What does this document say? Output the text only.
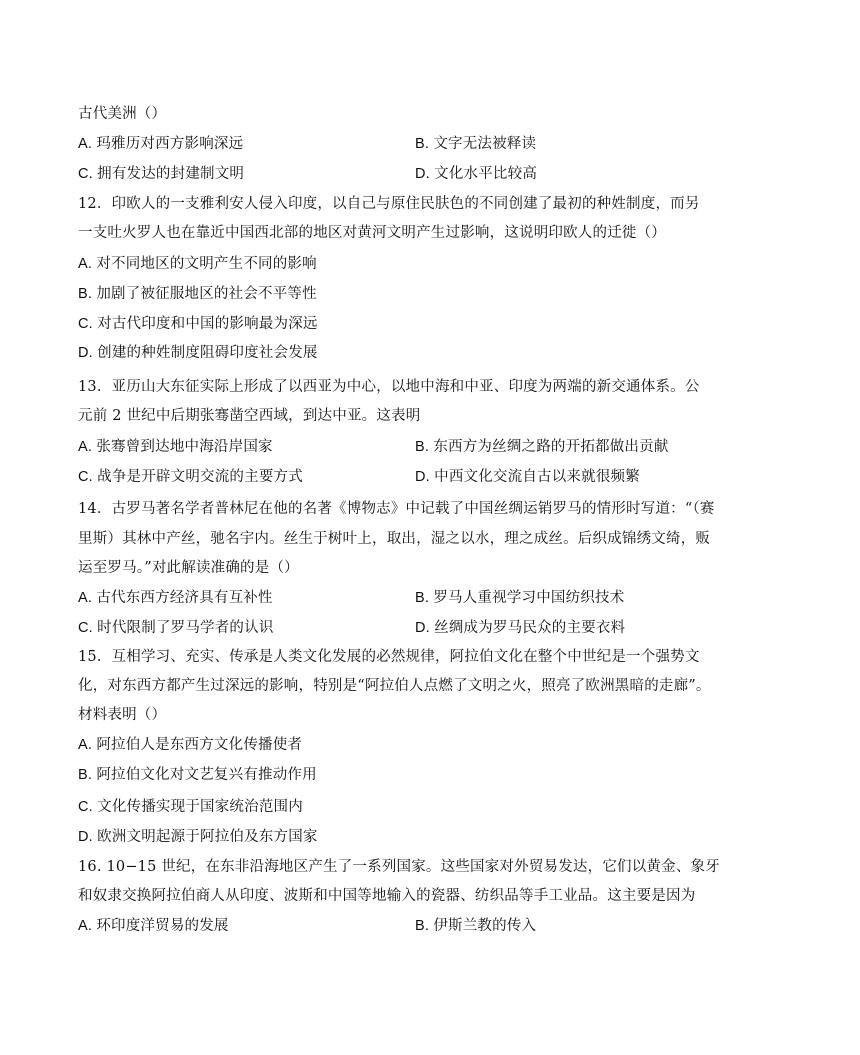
古代美洲（）
A. 玛雅历对西方影响深远	B. 文字无法被释读
C. 拥有发达的封建制文明	D. 文化水平比较高
12．印欧人的一支雅利安人侵入印度，以自己与原住民肤色的不同创建了最初的种姓制度，而另
一支吐火罗人也在靠近中国西北部的地区对黄河文明产生过影响，这说明印欧人的迁徙（）
A. 对不同地区的文明产生不同的影响
B. 加剧了被征服地区的社会不平等性
C. 对古代印度和中国的影响最为深远
D. 创建的种姓制度阻碍印度社会发展
13．亚历山大东征实际上形成了以西亚为中心，以地中海和中亚、印度为两端的新交通体系。公
元前 2 世纪中后期张骞凿空西域，到达中亚。这表明
A. 张骞曾到达地中海沿岸国家	B. 东西方为丝绸之路的开拓都做出贡献
C. 战争是开辟文明交流的主要方式	D. 中西文化交流自古以来就很频繁
14．古罗马著名学者普林尼在他的名著《博物志》中记载了中国丝绸运销罗马的情形时写道：“（赛
里斯）其林中产丝，驰名宇内。丝生于树叶上，取出，湿之以水，理之成丝。后织成锦绣文绮，贩
运至罗马。”对此解读准确的是（）
A. 古代东西方经济具有互补性	B. 罗马人重视学习中国纺织技术
C. 时代限制了罗马学者的认识	D. 丝绸成为罗马民众的主要衣料
15．互相学习、充实、传承是人类文化发展的必然规律，阿拉伯文化在整个中世纪是一个强势文
化，对东西方都产生过深远的影响，特别是“阿拉伯人点燃了文明之火，照亮了欧洲黑暗的走廊”。
材料表明（）
A. 阿拉伯人是东西方文化传播使者
B. 阿拉伯文化对文艺复兴有推动作用
C. 文化传播实现于国家统治范围内
D. 欧洲文明起源于阿拉伯及东方国家
16. 10−15 世纪，在东非沿海地区产生了一系列国家。这些国家对外贸易发达，它们以黄金、象牙
和奴隶交换阿拉伯商人从印度、波斯和中国等地输入的瓷器、纺织品等手工业品。这主要是因为
A. 环印度洋贸易的发展	B. 伊斯兰教的传入
